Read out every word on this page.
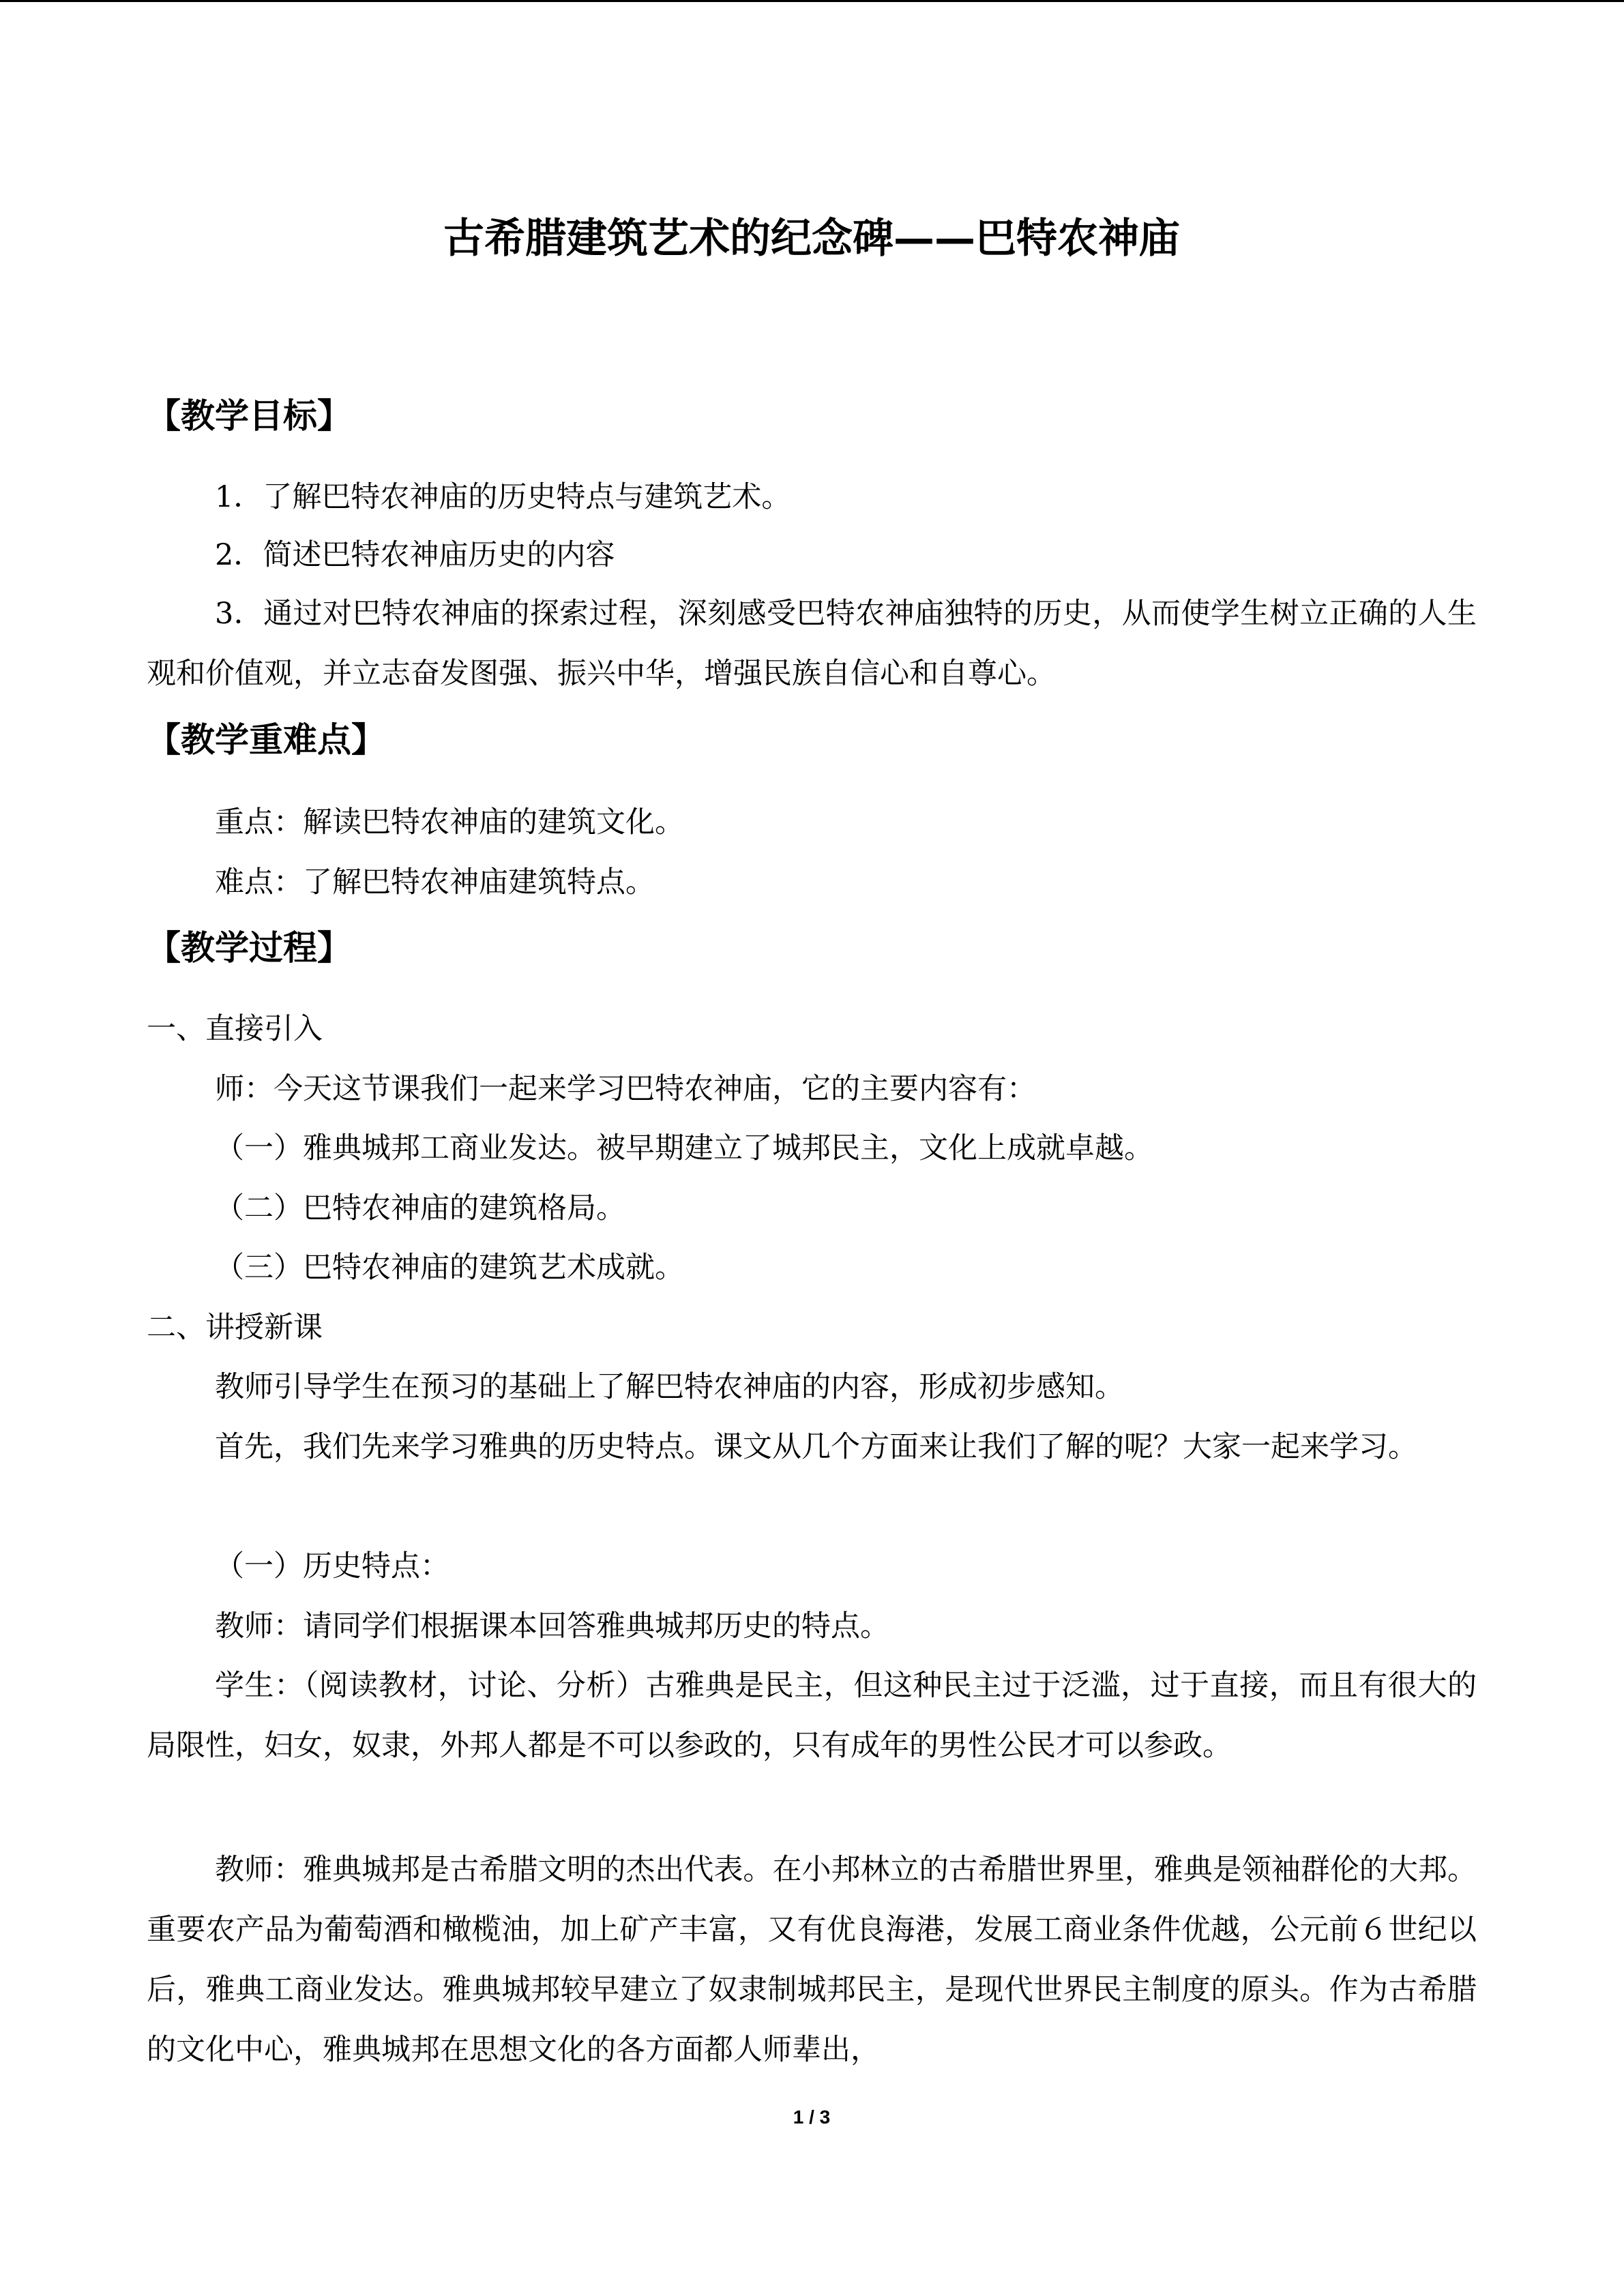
古希腊建筑艺术的纪念碑——巴特农神庙
【教学目标】
1．了解巴特农神庙的历史特点与建筑艺术。
2．简述巴特农神庙历史的内容
3．通过对巴特农神庙的探索过程，深刻感受巴特农神庙独特的历史，从而使学生树立正确的人生观和价值观，并立志奋发图强、振兴中华，增强民族自信心和自尊心。
【教学重难点】
重点：解读巴特农神庙的建筑文化。
难点：了解巴特农神庙建筑特点。
【教学过程】
一、直接引入
师：今天这节课我们一起来学习巴特农神庙，它的主要内容有：
（一）雅典城邦工商业发达。被早期建立了城邦民主，文化上成就卓越。
（二）巴特农神庙的建筑格局。
（三）巴特农神庙的建筑艺术成就。
二、讲授新课
教师引导学生在预习的基础上了解巴特农神庙的内容，形成初步感知。
首先，我们先来学习雅典的历史特点。课文从几个方面来让我们了解的呢？大家一起来学习。
（一）历史特点：
教师：请同学们根据课本回答雅典城邦历史的特点。
学生：（阅读教材，讨论、分析）古雅典是民主，但这种民主过于泛滥，过于直接，而且有很大的局限性，妇女，奴隶，外邦人都是不可以参政的，只有成年的男性公民才可以参政。
教师：雅典城邦是古希腊文明的杰出代表。在小邦林立的古希腊世界里，雅典是领袖群伦的大邦。重要农产品为葡萄酒和橄榄油，加上矿产丰富，又有优良海港，发展工商业条件优越，公元前６世纪以后，雅典工商业发达。雅典城邦较早建立了奴隶制城邦民主，是现代世界民主制度的原头。作为古希腊的文化中心，雅典城邦在思想文化的各方面都人师辈出，
1 / 3
